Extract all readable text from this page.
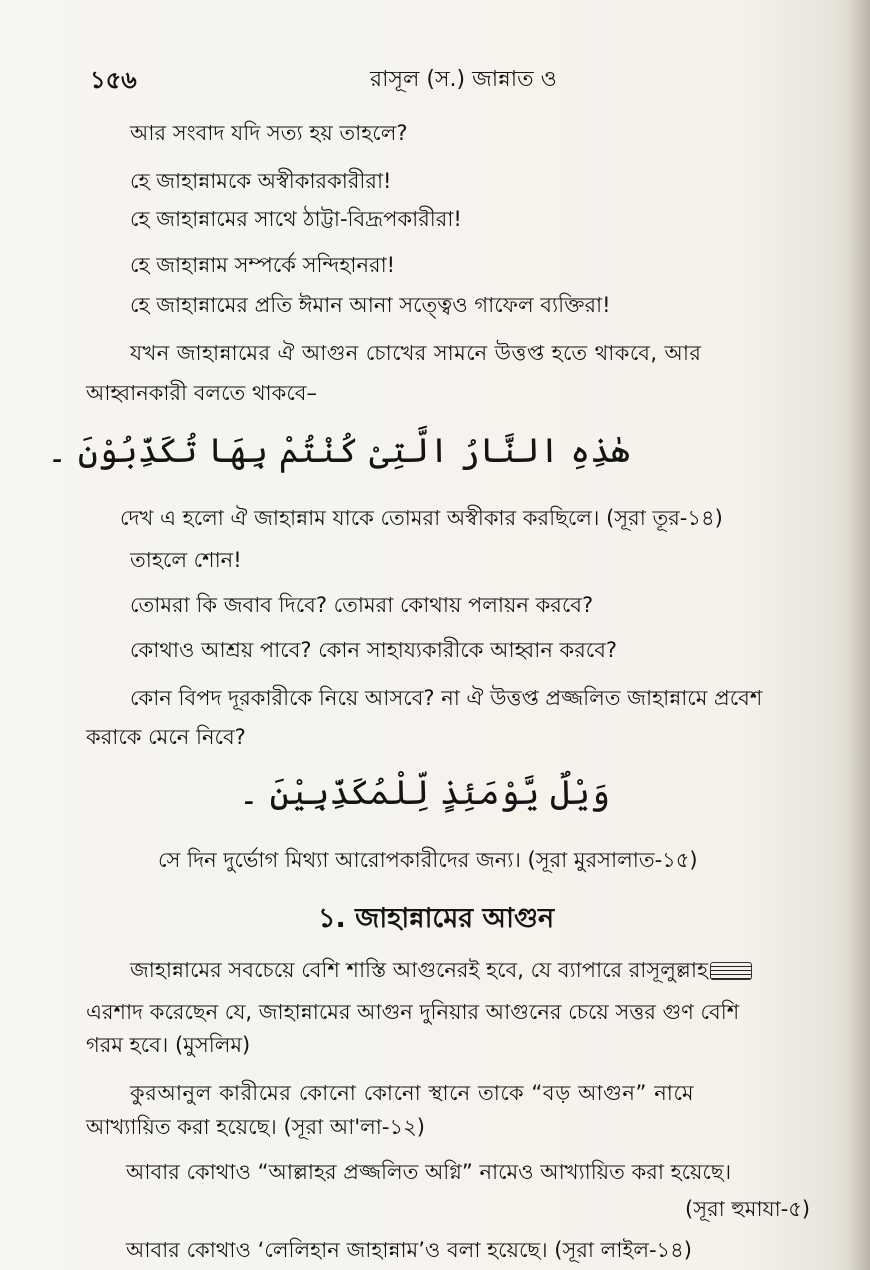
১৫৬	রাসূল (স.) জান্নাত ও
আর সংবাদ যদি সত্য হয় তাহলে?
হে জাহান্নামকে অস্বীকারকারীরা!
হে জাহান্নামের সাথে ঠাট্টা-বিদ্রূপকারীরা!
হে জাহান্নাম সম্পর্কে সন্দিহানরা!
হে জাহান্নামের প্রতি ঈমান আনা সত্ত্বেও গাফেল ব্যক্তিরা!
যখন জাহান্নামের ঐ আগুন চোখের সামনে উত্তপ্ত হতে থাকবে, আর
আহ্বানকারী বলতে থাকবে–
هٰذِهِ النَّارُ الَّتِىْ كُنْتُمْ بِهَا تُكَذِّبُوْنَ ۔
দেখ এ হলো ঐ জাহান্নাম যাকে তোমরা অস্বীকার করছিলে। (সূরা তূর-১৪)
তাহলে শোন!
তোমরা কি জবাব দিবে? তোমরা কোথায় পলায়ন করবে?
কোথাও আশ্রয় পাবে? কোন সাহায্যকারীকে আহ্বান করবে?
কোন বিপদ দূরকারীকে নিয়ে আসবে? না ঐ উত্তপ্ত প্রজ্জলিত জাহান্নামে প্রবেশ
করাকে মেনে নিবে?
وَيْلٌ يَّوْمَئِذٍ لِّلْمُكَذِّبِيْنَ ۔
সে দিন দুর্ভোগ মিথ্যা আরোপকারীদের জন্য। (সূরা মুরসালাত-১৫)
১. জাহান্নামের আগুন
জাহান্নামের সবচেয়ে বেশি শাস্তি আগুনেরই হবে, যে ব্যাপারে রাসূলুল্লাহ
এরশাদ করেছেন যে, জাহান্নামের আগুন দুনিয়ার আগুনের চেয়ে সত্তর গুণ বেশি
গরম হবে। (মুসলিম)
কুরআনুল কারীমের কোনো কোনো স্থানে তাকে “বড় আগুন” নামে
আখ্যায়িত করা হয়েছে। (সূরা আ'লা-১২)
আবার কোথাও “আল্লাহর প্রজ্জলিত অগ্নি” নামেও আখ্যায়িত করা হয়েছে।
(সূরা হুমাযা-৫)
আবার কোথাও ‘লেলিহান জাহান্নাম’ও বলা হয়েছে। (সূরা লাইল-১৪)
